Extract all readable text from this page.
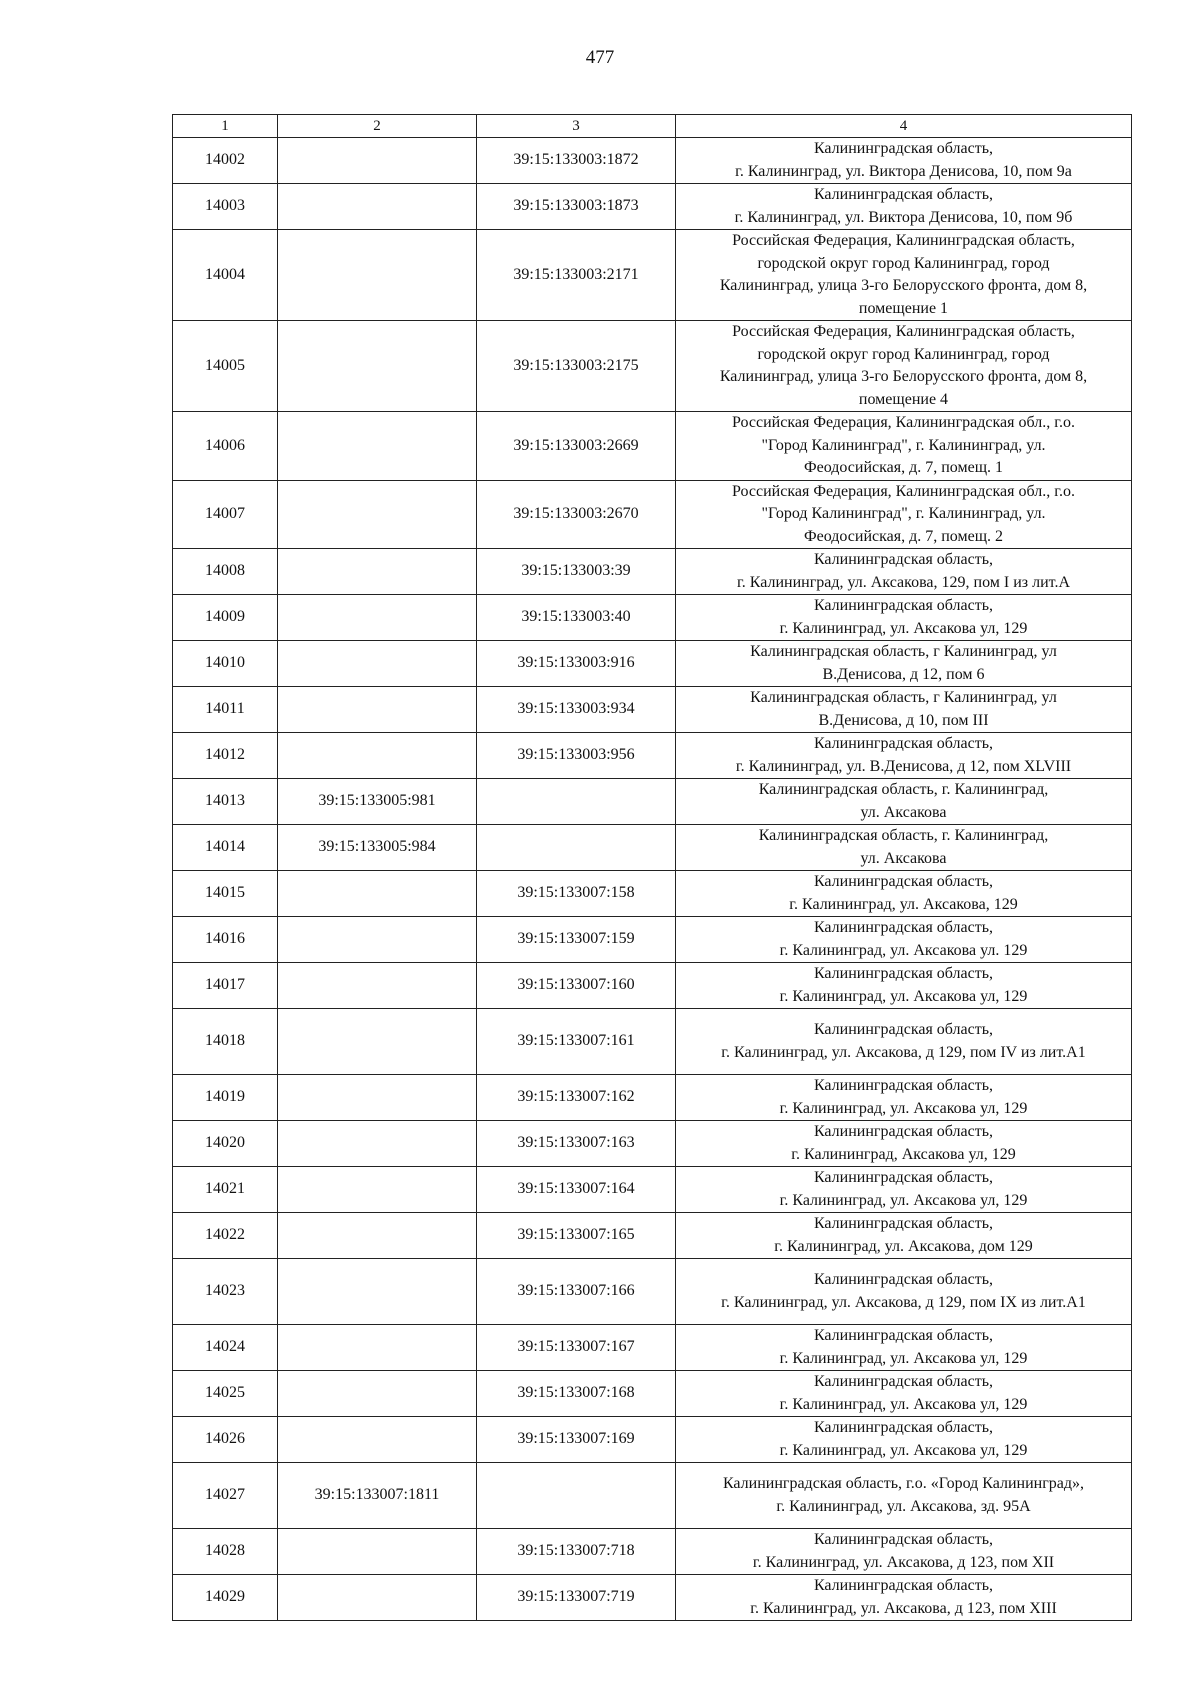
477
1	2	3	4
14002		39:15:133003:1872	Калининградская область,
г. Калининград, ул. Виктора Денисова, 10, пом 9а
14003		39:15:133003:1873	Калининградская область,
г. Калининград, ул. Виктора Денисова, 10, пом 9б
14004		39:15:133003:2171	Российская Федерация, Калининградская область,
городской округ город Калининград, город
Калининград, улица 3-го Белорусского фронта, дом 8,
помещение 1
14005		39:15:133003:2175	Российская Федерация, Калининградская область,
городской округ город Калининград, город
Калининград, улица 3-го Белорусского фронта, дом 8,
помещение 4
14006		39:15:133003:2669	Российская Федерация, Калининградская обл., г.о.
"Город Калининград", г. Калининград, ул.
Феодосийская, д. 7, помещ. 1
14007		39:15:133003:2670	Российская Федерация, Калининградская обл., г.о.
"Город Калининград", г. Калининград, ул.
Феодосийская, д. 7, помещ. 2
14008		39:15:133003:39	Калининградская область,
г. Калининград, ул. Аксакова, 129, пом I из лит.А
14009		39:15:133003:40	Калининградская область,
г. Калининград, ул. Аксакова ул, 129
14010		39:15:133003:916	Калининградская область, г Калининград, ул
В.Денисова, д 12, пом 6
14011		39:15:133003:934	Калининградская область, г Калининград, ул
В.Денисова, д 10, пом III
14012		39:15:133003:956	Калининградская область,
г. Калининград, ул. В.Денисова, д 12, пом XLVIII
14013	39:15:133005:981		Калининградская область, г. Калининград,
ул. Аксакова
14014	39:15:133005:984		Калининградская область, г. Калининград,
ул. Аксакова
14015		39:15:133007:158	Калининградская область,
г. Калининград, ул. Аксакова, 129
14016		39:15:133007:159	Калининградская область,
г. Калининград, ул. Аксакова ул. 129
14017		39:15:133007:160	Калининградская область,
г. Калининград, ул. Аксакова ул, 129
14018		39:15:133007:161	Калининградская область,
г. Калининград, ул. Аксакова, д 129, пом IV из лит.А1
14019		39:15:133007:162	Калининградская область,
г. Калининград, ул. Аксакова ул, 129
14020		39:15:133007:163	Калининградская область,
г. Калининград, Аксакова ул, 129
14021		39:15:133007:164	Калининградская область,
г. Калининград, ул. Аксакова ул, 129
14022		39:15:133007:165	Калининградская область,
г. Калининград, ул. Аксакова, дом 129
14023		39:15:133007:166	Калининградская область,
г. Калининград, ул. Аксакова, д 129, пом IX из лит.А1
14024		39:15:133007:167	Калининградская область,
г. Калининград, ул. Аксакова ул, 129
14025		39:15:133007:168	Калининградская область,
г. Калининград, ул. Аксакова ул, 129
14026		39:15:133007:169	Калининградская область,
г. Калининград, ул. Аксакова ул, 129
14027	39:15:133007:1811		Калининградская область, г.о. «Город Калининград»,
г. Калининград, ул. Аксакова, зд. 95А
14028		39:15:133007:718	Калининградская область,
г. Калининград, ул. Аксакова, д 123, пом XII
14029		39:15:133007:719	Калининградская область,
г. Калининград, ул. Аксакова, д 123, пом XIII
